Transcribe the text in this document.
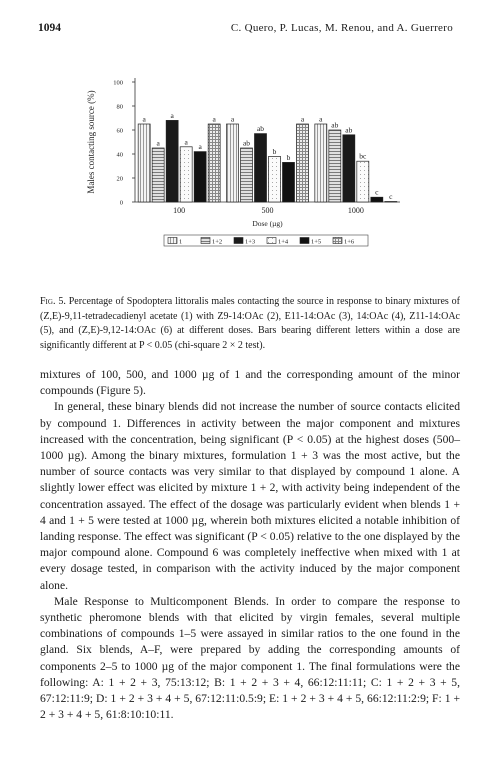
1094	C. Quero, P. Lucas, M. Renou, and A. Guerrero
Males contacting source (%)
0
20
40
60
80
100
a
a
a
a
a
a
100
a
ab
ab
b
b
a
500
a
ab
ab
bc
c c
1000
Dose (µg)
1	1+2	1+3	1+4	1+5	1+6
Fig. 5. Percentage of Spodoptera littoralis males contacting the source in response to binary mixtures of (Z,E)-9,11-tetradecadienyl acetate (1) with Z9-14:OAc (2), E11-14:OAc (3), 14:OAc (4), Z11-14:OAc (5), and (Z,E)-9,12-14:OAc (6) at different doses. Bars bearing different letters within a dose are significantly different at P < 0.05 (chi-square 2 × 2 test).

mixtures of 100, 500, and 1000 µg of 1 and the corresponding amount of the minor compounds (Figure 5).

In general, these binary blends did not increase the number of source contacts elicited by compound 1. Differences in activity between the major component and mixtures increased with the concentration, being significant (P < 0.05) at the highest doses (500–1000 µg). Among the binary mixtures, formulation 1 + 3 was the most active, but the number of source contacts was very similar to that displayed by compound 1 alone. A slightly lower effect was elicited by mixture 1 + 2, with activity being independent of the concentration assayed. The effect of the dosage was particularly evident when blends 1 + 4 and 1 + 5 were tested at 1000 µg, wherein both mixtures elicited a notable inhibition of landing response. The effect was significant (P < 0.05) relative to the one displayed by the major compound alone. Compound 6 was completely ineffective when mixed with 1 at every dosage tested, in comparison with the activity induced by the major component alone.

Male Response to Multicomponent Blends. In order to compare the response to synthetic pheromone blends with that elicited by virgin females, several multiple combinations of compounds 1–5 were assayed in similar ratios to the one found in the gland. Six blends, A–F, were prepared by adding the corresponding amounts of components 2–5 to 1000 µg of the major component 1. The final formulations were the following: A: 1 + 2 + 3, 75:13:12; B: 1 + 2 + 3 + 4, 66:12:11:11; C: 1 + 2 + 3 + 5, 67:12:11:9; D: 1 + 2 + 3 + 4 + 5, 67:12:11:0.5:9; E: 1 + 2 + 3 + 4 + 5, 66:12:11:2:9; F: 1 + 2 + 3 + 4 + 5, 61:8:10:10:11.
